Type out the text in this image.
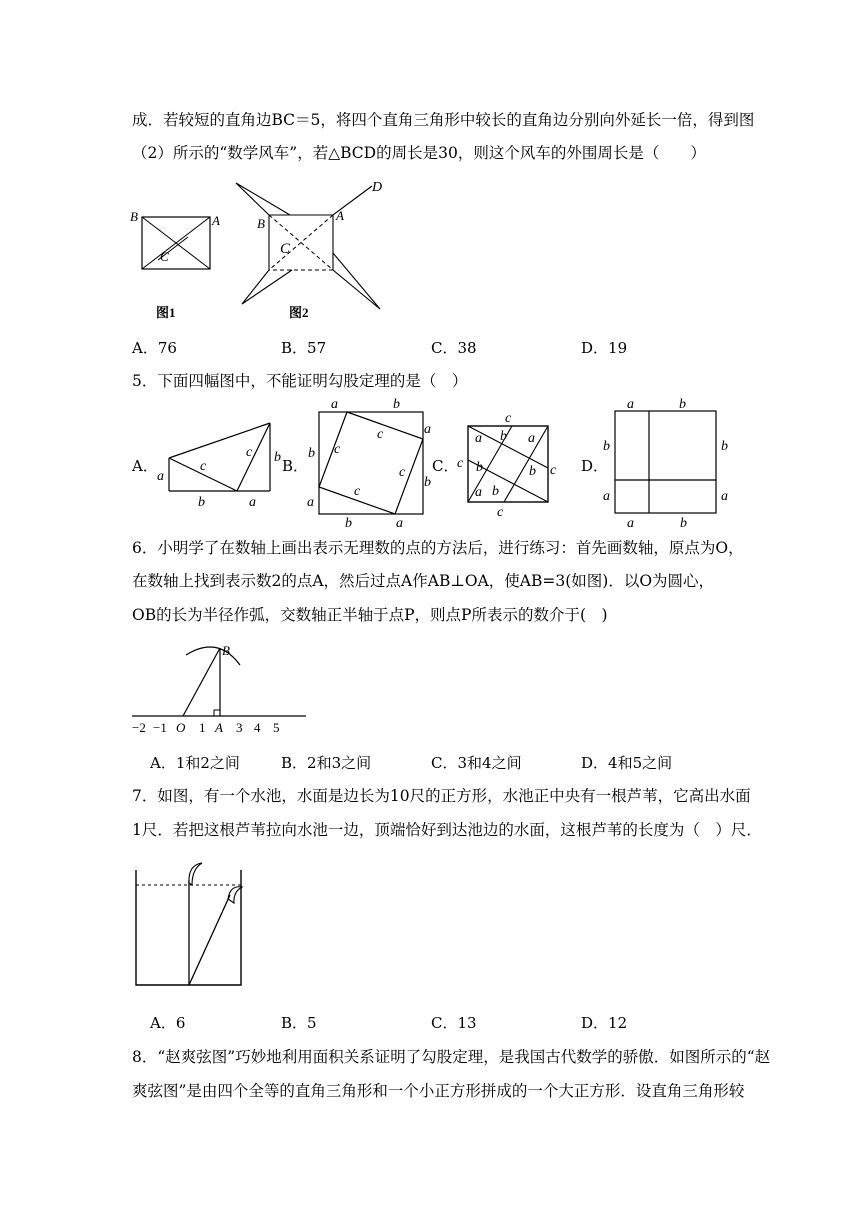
成．若较短的直角边BC＝5，将四个直角三角形中较长的直角边分别向外延长一倍，得到图
（2）所示的“数学风车”，若△BCD的周长是30，则这个风车的外围周长是（　　）
B	A
C
图1
B
A
C
D
图2
A．76	B．57	C．38	D．19
5．下面四幅图中，不能证明勾股定理的是（　）
A．	c
c
a
b
b
a
B．
a	b
a
b
a
b
b
a
c
c
c
c
C．
c
a b a
c b	b c
a b
c
D．
a	b
b	b
a	a
a	b
6．小明学了在数轴上画出表示无理数的点的方法后，进行练习：首先画数轴，原点为O，
在数轴上找到表示数2的点A，然后过点A作AB⊥OA，使AB=3(如图)．以O为圆心，
OB的长为半径作弧，交数轴正半轴于点P，则点P所表示的数介于(　)
−2 −1 O 1 A 3 4 5
B
A．1和2之间	B．2和3之间	C．3和4之间	D．4和5之间
7．如图，有一个水池，水面是边长为10尺的正方形，水池正中央有一根芦苇，它高出水面
1尺．若把这根芦苇拉向水池一边，顶端恰好到达池边的水面，这根芦苇的长度为（　）尺．
A．6	B．5	C．13	D．12
8．“赵爽弦图”巧妙地利用面积关系证明了勾股定理，是我国古代数学的骄傲．如图所示的“赵
爽弦图”是由四个全等的直角三角形和一个小正方形拼成的一个大正方形．设直角三角形较
